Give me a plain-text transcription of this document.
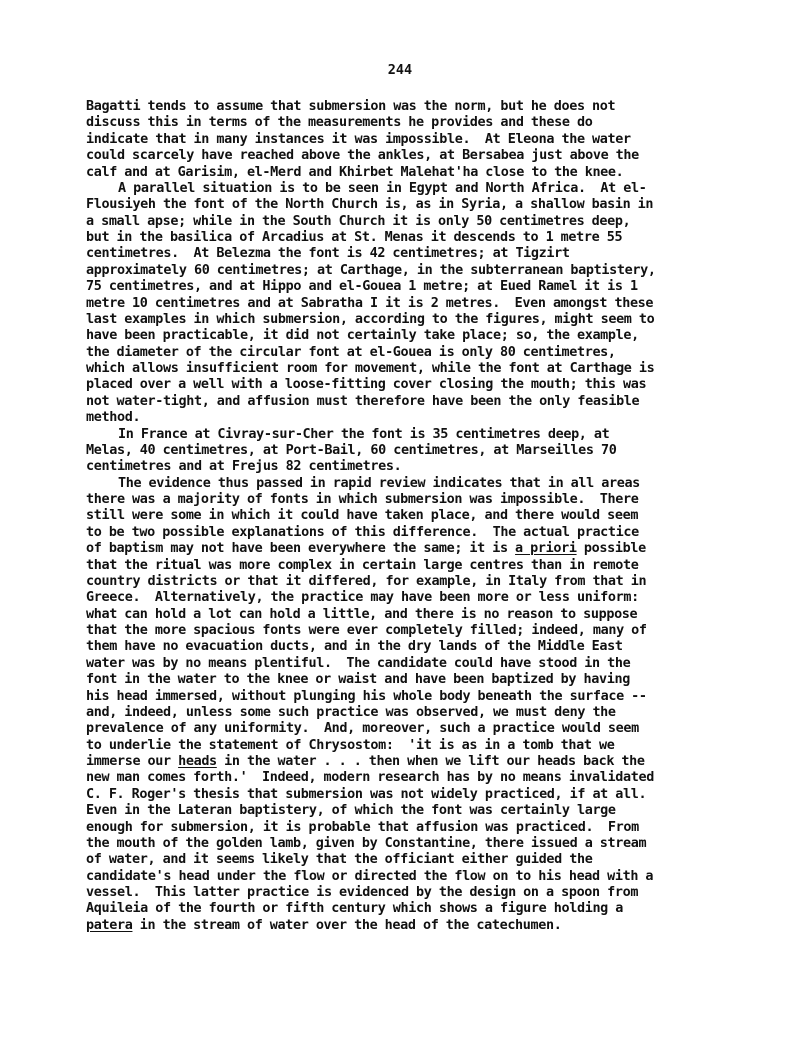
244
Bagatti tends to assume that submersion was the norm, but he does not
discuss this in terms of the measurements he provides and these do
indicate that in many instances it was impossible.  At Eleona the water
could scarcely have reached above the ankles, at Bersabea just above the
calf and at Garisim, el-Merd and Khirbet Malehat'ha close to the knee.
A parallel situation is to be seen in Egypt and North Africa.  At el-
Flousiyeh the font of the North Church is, as in Syria, a shallow basin in
a small apse; while in the South Church it is only 50 centimetres deep,
but in the basilica of Arcadius at St. Menas it descends to 1 metre 55
centimetres.  At Belezma the font is 42 centimetres; at Tigzirt
approximately 60 centimetres; at Carthage, in the subterranean baptistery,
75 centimetres, and at Hippo and el-Gouea 1 metre; at Eued Ramel it is 1
metre 10 centimetres and at Sabratha I it is 2 metres.  Even amongst these
last examples in which submersion, according to the figures, might seem to
have been practicable, it did not certainly take place; so, the example,
the diameter of the circular font at el-Gouea is only 80 centimetres,
which allows insufficient room for movement, while the font at Carthage is
placed over a well with a loose-fitting cover closing the mouth; this was
not water-tight, and affusion must therefore have been the only feasible
method.
In France at Civray-sur-Cher the font is 35 centimetres deep, at
Melas, 40 centimetres, at Port-Bail, 60 centimetres, at Marseilles 70
centimetres and at Frejus 82 centimetres.
The evidence thus passed in rapid review indicates that in all areas
there was a majority of fonts in which submersion was impossible.  There
still were some in which it could have taken place, and there would seem
to be two possible explanations of this difference.  The actual practice
of baptism may not have been everywhere the same; it is a priori possible
that the ritual was more complex in certain large centres than in remote
country districts or that it differed, for example, in Italy from that in
Greece.  Alternatively, the practice may have been more or less uniform:
what can hold a lot can hold a little, and there is no reason to suppose
that the more spacious fonts were ever completely filled; indeed, many of
them have no evacuation ducts, and in the dry lands of the Middle East
water was by no means plentiful.  The candidate could have stood in the
font in the water to the knee or waist and have been baptized by having
his head immersed, without plunging his whole body beneath the surface --
and, indeed, unless some such practice was observed, we must deny the
prevalence of any uniformity.  And, moreover, such a practice would seem
to underlie the statement of Chrysostom:  'it is as in a tomb that we
immerse our heads in the water . . . then when we lift our heads back the
new man comes forth.'  Indeed, modern research has by no means invalidated
C. F. Roger's thesis that submersion was not widely practiced, if at all.
Even in the Lateran baptistery, of which the font was certainly large
enough for submersion, it is probable that affusion was practiced.  From
the mouth of the golden lamb, given by Constantine, there issued a stream
of water, and it seems likely that the officiant either guided the
candidate's head under the flow or directed the flow on to his head with a
vessel.  This latter practice is evidenced by the design on a spoon from
Aquileia of the fourth or fifth century which shows a figure holding a
patera in the stream of water over the head of the catechumen.
